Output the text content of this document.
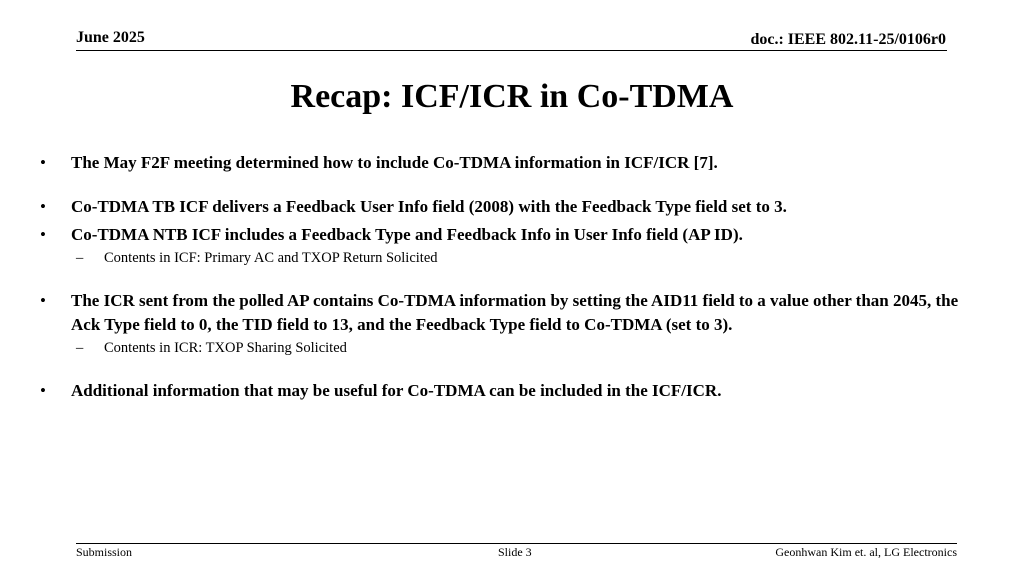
June 2025	doc.: IEEE 802.11-25/0106r0
Recap: ICF/ICR in Co-TDMA
• The May F2F meeting determined how to include Co-TDMA information in ICF/ICR [7].
• Co-TDMA TB ICF delivers a Feedback User Info field (2008) with the Feedback Type field set to 3.
• Co-TDMA NTB ICF includes a Feedback Type and Feedback Info in User Info field (AP ID).
– Contents in ICF: Primary AC and TXOP Return Solicited
• The ICR sent from the polled AP contains Co-TDMA information by setting the AID11 field to a value other than 2045, the Ack Type field to 0, the TID field to 13, and the Feedback Type field to Co-TDMA (set to 3).
– Contents in ICR: TXOP Sharing Solicited
• Additional information that may be useful for Co-TDMA can be included in the ICF/ICR.
Submission	Slide 3	Geonhwan Kim et. al, LG Electronics
